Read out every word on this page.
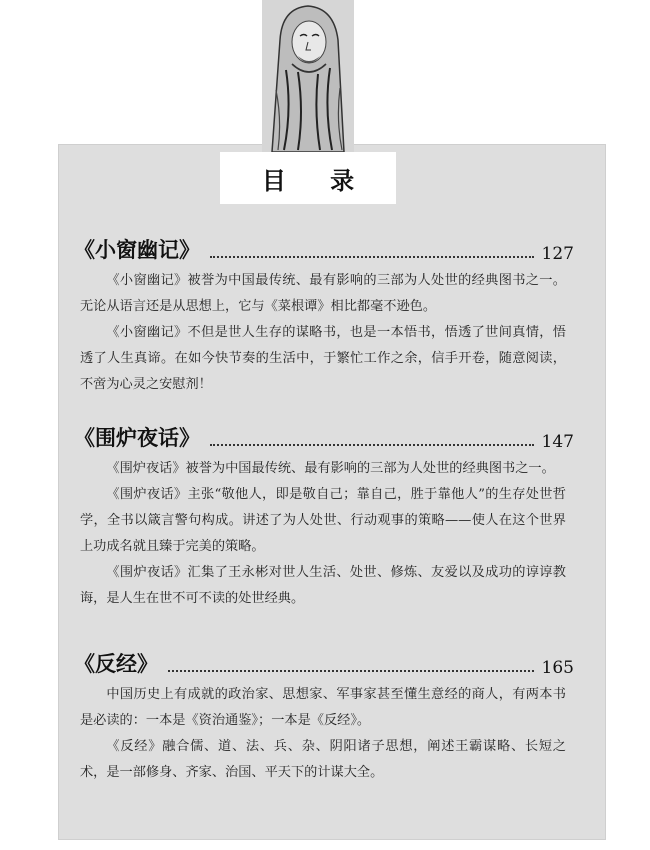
目 录
《小窗幽记》	127

《小窗幽记》被誉为中国最传统、最有影响的三部为人处世的经典图书之一。无论从语言还是从思想上，它与《菜根谭》相比都毫不逊色。

《小窗幽记》不但是世人生存的谋略书，也是一本悟书，悟透了世间真情，悟透了人生真谛。在如今快节奏的生活中，于繁忙工作之余，信手开卷，随意阅读，不啻为心灵之安慰剂！

《围炉夜话》	147

《围炉夜话》被誉为中国最传统、最有影响的三部为人处世的经典图书之一。

《围炉夜话》主张“敬他人，即是敬自己；靠自己，胜于靠他人”的生存处世哲学，全书以箴言警句构成。讲述了为人处世、行动观事的策略——使人在这个世界上功成名就且臻于完美的策略。

《围炉夜话》汇集了王永彬对世人生活、处世、修炼、友爱以及成功的谆谆教诲，是人生在世不可不读的处世经典。

《反经》	165

中国历史上有成就的政治家、思想家、军事家甚至懂生意经的商人，有两本书是必读的：一本是《资治通鉴》；一本是《反经》。

《反经》融合儒、道、法、兵、杂、阴阳诸子思想，阐述王霸谋略、长短之术，是一部修身、齐家、治国、平天下的计谋大全。
